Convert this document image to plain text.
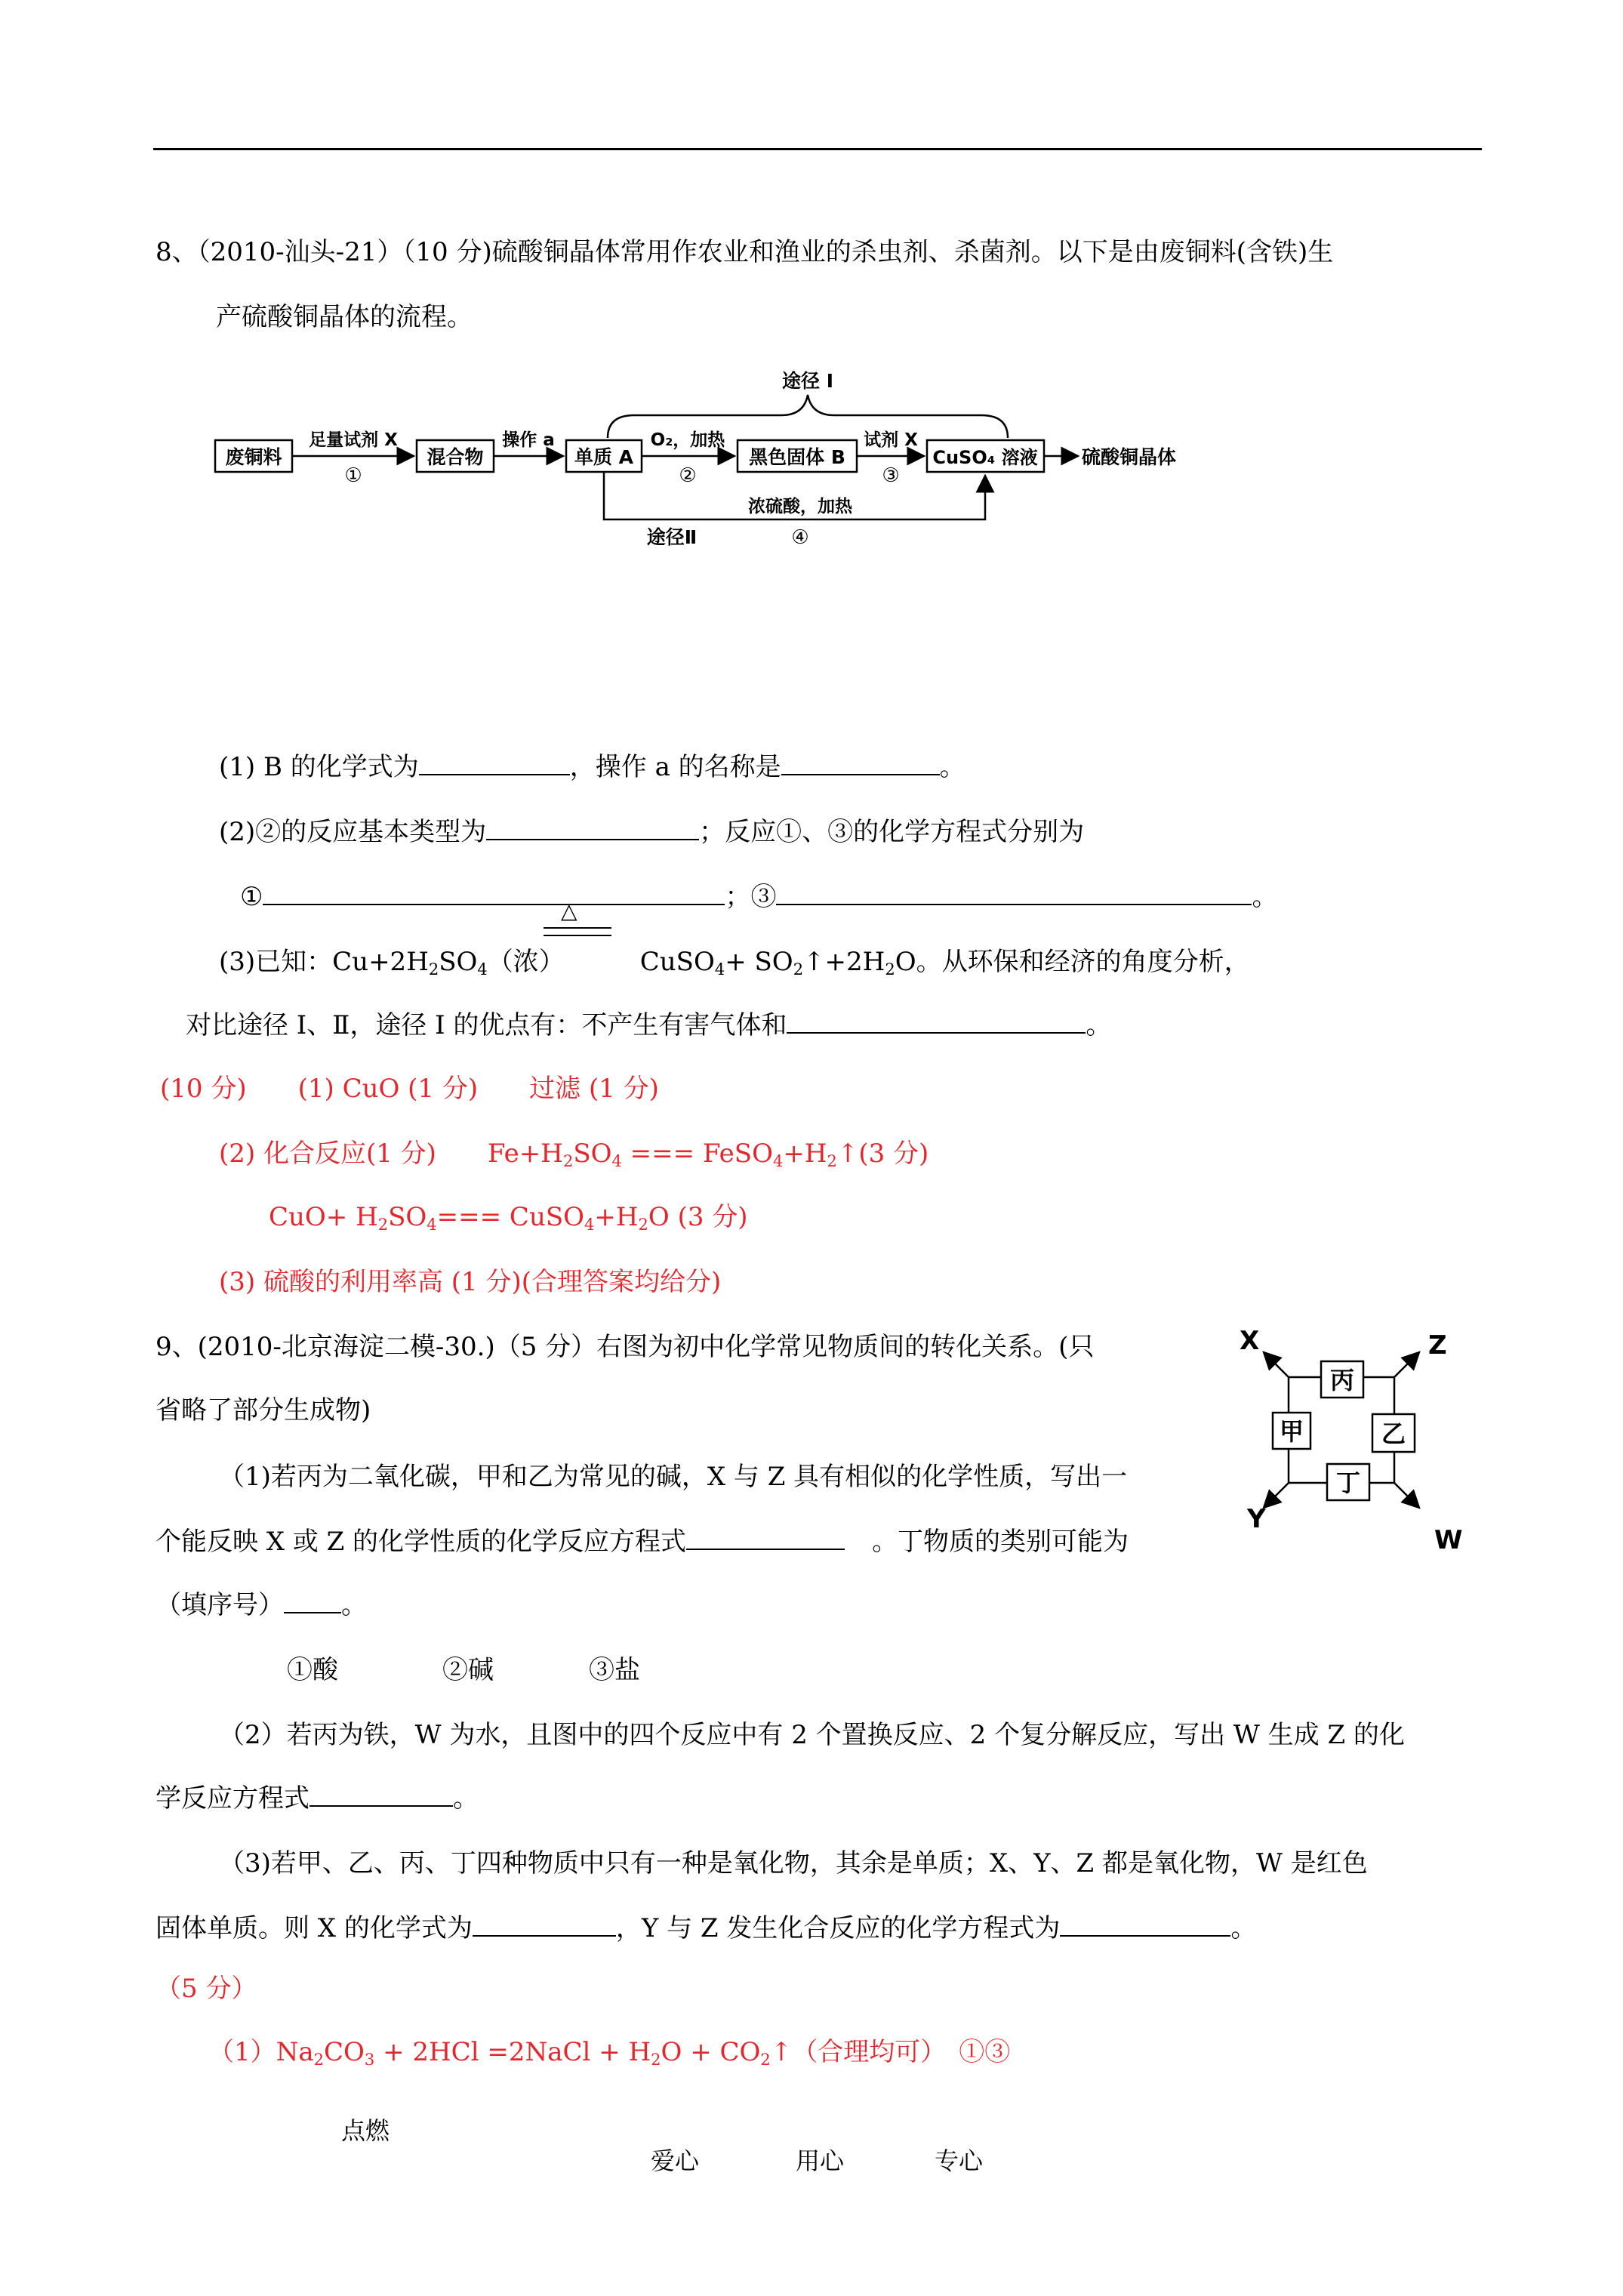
8、（2010-汕头-21）（10 分)硫酸铜晶体常用作农业和渔业的杀虫剂、杀菌剂。以下是由废铜料(含铁)生
产硫酸铜晶体的流程。
废铜料	混合物	单质 A	黑色固体 B	CuSO₄ 溶液
足量试剂 X
①
操作 a	O₂，加热
②
试剂 X
③
硫酸铜晶体
途径 I
浓硫酸，加热
途径Ⅱ	④
(1) B 的化学式为	，操作 a 的名称是	。
(2)②的反应基本类型为	；反应①、③的化学方程式分别为
①	；③	。
△
(3)已知：$Cu+2H_2SO_4$（浓）	CuSO$_4$+ $SO_2↑+2H_2O$。从环保和经济的角度分析，
对比途径 I、Ⅱ，途径 I 的优点有：不产生有害气体和	。
(10 分)　　(1) CuO (1 分)　　过滤 (1 分)
(2) 化合反应(1 分)　　$Fe+H_2SO_4$ === $FeSO_4+H_2↑(3$ 分)
$CuO+ H_2SO_4===$ $CuSO_4+H_2O$ (3 分)
(3) 硫酸的利用率高 (1 分)(合理答案均给分)
9、(2010-北京海淀二模-30.)（5 分）右图为初中化学常见物质间的转化关系。(只
省略了部分生成物)
丙
甲	乙
丁
X	Z
Y
W
（1)若丙为二氧化碳，甲和乙为常见的碱，X 与 Z 具有相似的化学性质，写出一
个能反映 X 或 Z 的化学性质的化学反应方程式	。丁物质的类别可能为
（填序号） 。
①酸	②碱	③盐
（2）若丙为铁，W 为水，且图中的四个反应中有 2 个置换反应、2 个复分解反应，写出 W 生成 Z 的化
学反应方程式	。
（3)若甲、乙、丙、丁四种物质中只有一种是氧化物，其余是单质；X、Y、Z 都是氧化物，W 是红色
固体单质。则 X 的化学式为	，Y 与 Z 发生化合反应的化学方程式为	。
（5 分）
$(1)Na_2CO_3 + 2HCl$ =2NaCl + $H_2O$ + $CO_2↑$（合理均可）　①③
点燃
爱心	用心	专心
